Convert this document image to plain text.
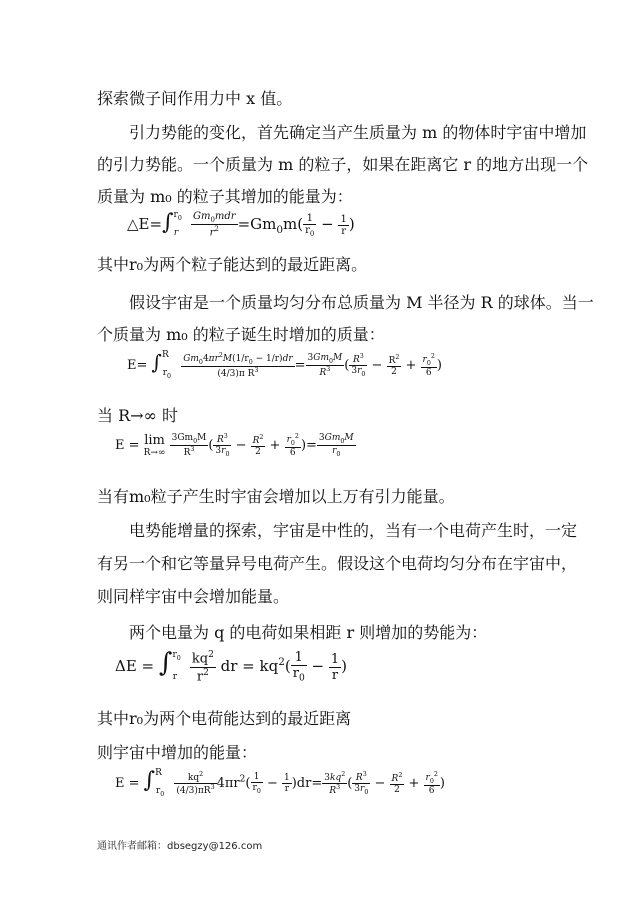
探索微子间作用力中 x 值。
引力势能的变化，首先确定当产生质量为 m 的物体时宇宙中增加
的引力势能。一个质量为 m 的粒子，如果在距离它 r 的地方出现一个
质量为 m₀ 的粒子其增加的能量为：
△E=∫$^{r_0}_r$ $\frac{Gm_0mdr}{r^2} =Gm_0m( \frac{1}{r_0} - \frac{1}{r}$ )
其中r₀为两个粒子能达到的最近距离。
假设宇宙是一个质量均匀分布总质量为 M 半径为 R 的球体。当一
个质量为 m₀ 的粒子诞生时增加的质量：
$E= \int^R_{r_0} \frac{Gm_04\pi r^2M(1/r_0 - 1/r)dr}{(4/3)\pi R^3} = \frac{3Gm_0M}{R^3}$ ( $\frac{R^3}{3r_0} - \frac{R^2}{2} + \frac{r_0^2}{6}$ )
当 R→∞ 时
E = lim
R→∞
$\frac{3Gm_0M}{R^3}$ ( $\frac{R^3}{3r_0} - \frac{R^2}{2} + \frac{r_0^2}{6}$ )= $\frac{3Gm_0M}{r_0}$
当有m₀粒子产生时宇宙会增加以上万有引力能量。
电势能增量的探索，宇宙是中性的，当有一个电荷产生时，一定
有另一个和它等量异号电荷产生。假设这个电荷均匀分布在宇宙中，
则同样宇宙中会增加能量。
两个电量为 q 的电荷如果相距 r 则增加的势能为：
$\Delta E = \int^{r_0}_r \frac{kq^2}{r^2}$ dr = $kq^2( \frac{1}{r_0} - \frac{1}{r}$ )
其中r₀为两个电荷能达到的最近距离
则宇宙中增加的能量：
$E = \int^R_{r_0} \frac{kq^2}{(4/3)\pi R^3} 4\pi r^2( \frac{1}{r_0} - \frac{1}{r} )dr= \frac{3kq^2}{R^3}$ ( $\frac{R^3}{3r_0} - \frac{R^2}{2} + \frac{r_0^2}{6}$ )
通讯作者邮箱：dbsegzy@126.com
